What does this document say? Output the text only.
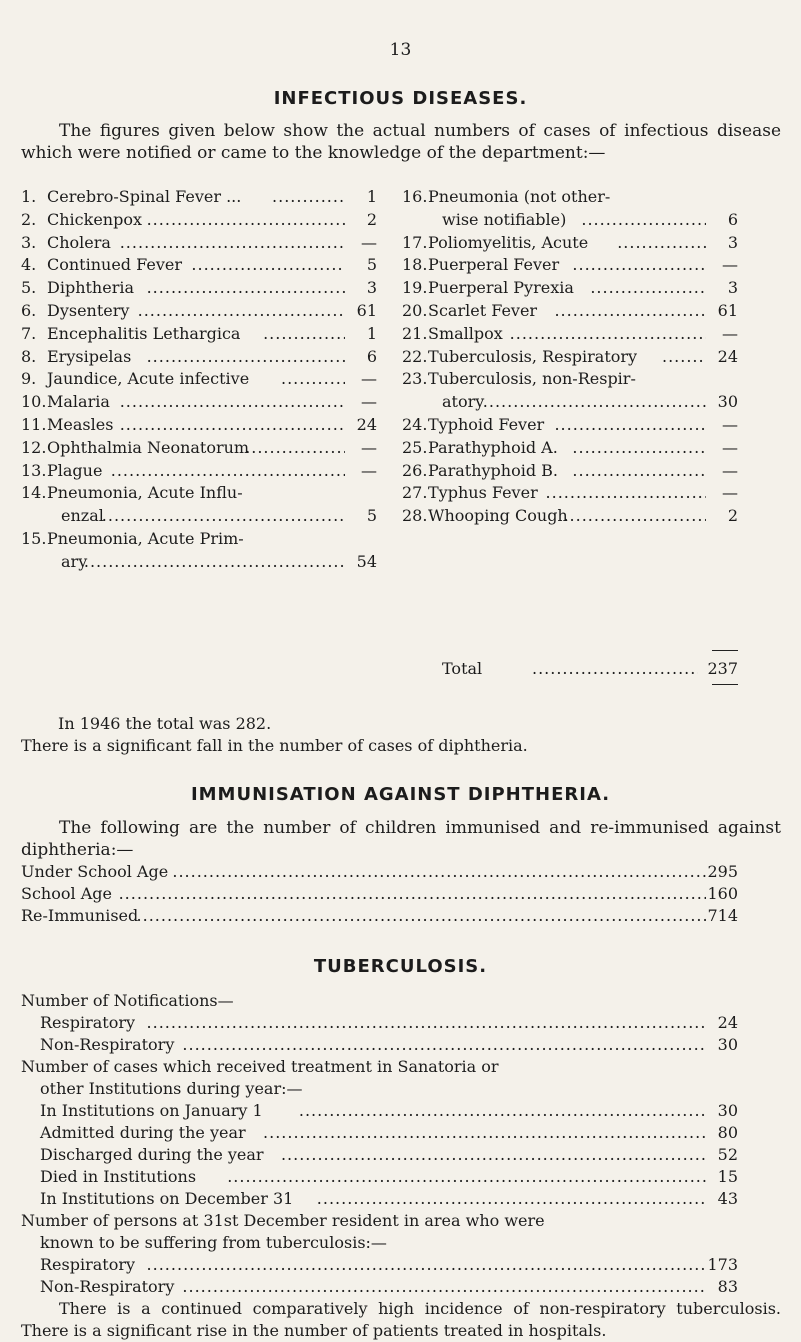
13
INFECTIOUS DISEASES.
The figures given below show the actual numbers of cases of infectious disease which were notified or came to the knowledge of the department:—
1. Cerebro-Spinal Fever ... .....	1
2. Chickenpox .....	2
3. Cholera .....	—
4. Continued Fever .....	5
5. Diphtheria .....	3
6. Dysentery .....	61
7. Encephalitis Lethargica .....	1
8. Erysipelas .....	6
9. Jaundice, Acute infective .....	—
10.Malaria .....	—
11.Measles .....	24
12.Ophthalmia Neonatorum .....	—
13.Plague .....	—
14.Pneumonia, Acute Influ-
enzal .....	5
15.Pneumonia, Acute Prim-
ary .....	54
16.Pneumonia (not other-
wise notifiable) .....	6
17.Poliomyelitis, Acute .....	3
18.Puerperal Fever .....	—
19.Puerperal Pyrexia .....	3
20.Scarlet Fever .....	61
21.Smallpox .....	—
22.Tuberculosis, Respiratory .....	24
23.Tuberculosis, non-Respir-
atory .....	30
24.Typhoid Fever .....	—
25.Parathyphoid A. .....	—
26.Parathyphoid B. .....	—
27.Typhus Fever .....	—
28.Whooping Cough .....	2
Total .....	237
In 1946 the total was 282.
There is a significant fall in the number of cases of diphtheria.
IMMUNISATION AGAINST DIPHTHERIA.
The following are the number of children immunised and re-immunised against diphtheria:—
Under School Age .....	295
School Age .....	160
Re-Immunised .....	714
TUBERCULOSIS.
Number of Notifications—
Respiratory .....	24
Non-Respiratory .....	30
Number of cases which received treatment in Sanatoria or
other Institutions during year:—
In Institutions on January 1 .....	30
Admitted during the year .....	80
Discharged during the year .....	52
Died in Institutions .....	15
In Institutions on December 31 .....	43
Number of persons at 31st December resident in area who were
known to be suffering from tuberculosis:—
Respiratory .....	173
Non-Respiratory .....	83
There is a continued comparatively high incidence of non-respiratory tuberculosis. There is a significant rise in the number of patients treated in hospitals.
